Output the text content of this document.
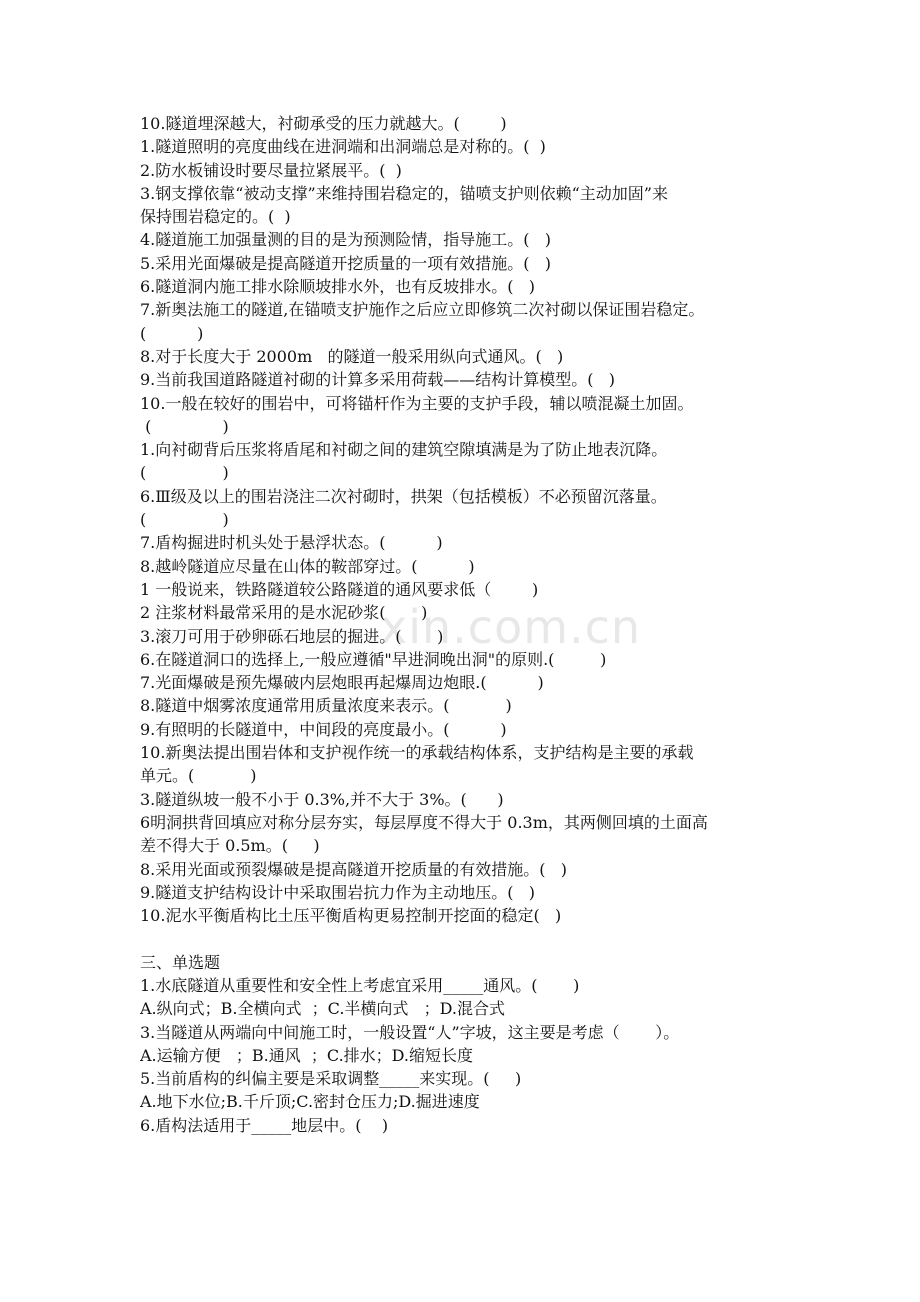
xin.com.cn
10.隧道埋深越大，衬砌承受的压力就越大。(        )
1.隧道照明的亮度曲线在进洞端和出洞端总是对称的。(  )
2.防水板铺设时要尽量拉紧展平。(  )
3.钢支撑依靠“被动支撑”来维持围岩稳定的，锚喷支护则依赖“主动加固”来
保持围岩稳定的。(  )
4.隧道施工加强量测的目的是为预测险情，指导施工。(   )
5.采用光面爆破是提高隧道开挖质量的一项有效措施。(   )
6.隧道洞内施工排水除顺坡排水外，也有反坡排水。(   )
7.新奥法施工的隧道,在锚喷支护施作之后应立即修筑二次衬砌以保证围岩稳定。
(          )
8.对于长度大于 2000m   的隧道一般采用纵向式通风。(   )
9.当前我国道路隧道衬砌的计算多采用荷载——结构计算模型。(   )
10.一般在较好的围岩中，可将锚杆作为主要的支护手段，辅以喷混凝土加固。
(              )
1.向衬砌背后压浆将盾尾和衬砌之间的建筑空隙填满是为了防止地表沉降。
(               )
6.Ⅲ级及以上的围岩浇注二次衬砌时，拱架（包括模板）不必预留沉落量。
(               )
7.盾构掘进时机头处于悬浮状态。(          )
8.越岭隧道应尽量在山体的鞍部穿过。(          )
1 一般说来，铁路隧道较公路隧道的通风要求低（        )
2 注浆材料最常采用的是水泥砂浆(       )
3.滚刀可用于砂卵砾石地层的掘进。(       )
6.在隧道洞口的选择上,一般应遵循"早进洞晚出洞"的原则.(         )
7.光面爆破是预先爆破内层炮眼再起爆周边炮眼.(          )
8.隧道中烟雾浓度通常用质量浓度来表示。(           )
9.有照明的长隧道中，中间段的亮度最小。(          )
10.新奥法提出围岩体和支护视作统一的承载结构体系，支护结构是主要的承载
单元。(           )
3.隧道纵坡一般不小于 0.3%,并不大于 3%。(      )
6明洞拱背回填应对称分层夯实，每层厚度不得大于 0.3m，其两侧回填的土面高
差不得大于 0.5m。(     )
8.采用光面或预裂爆破是提高隧道开挖质量的有效措施。(   )
9.隧道支护结构设计中采取围岩抗力作为主动地压。(   )
10.泥水平衡盾构比土压平衡盾构更易控制开挖面的稳定(   )
三、单选题
1.水底隧道从重要性和安全性上考虑宜采用_____通风。(       )
A.纵向式；B.全横向式  ；C.半横向式   ；D.混合式
3.当隧道从两端向中间施工时，一般设置“人”字坡，这主要是考虑（       ）。
A.运输方便   ；B.通风  ；C.排水；D.缩短长度
5.当前盾构的纠偏主要是采取调整_____来实现。(     )
A.地下水位;B.千斤顶;C.密封仓压力;D.掘进速度
6.盾构法适用于_____地层中。(    )
